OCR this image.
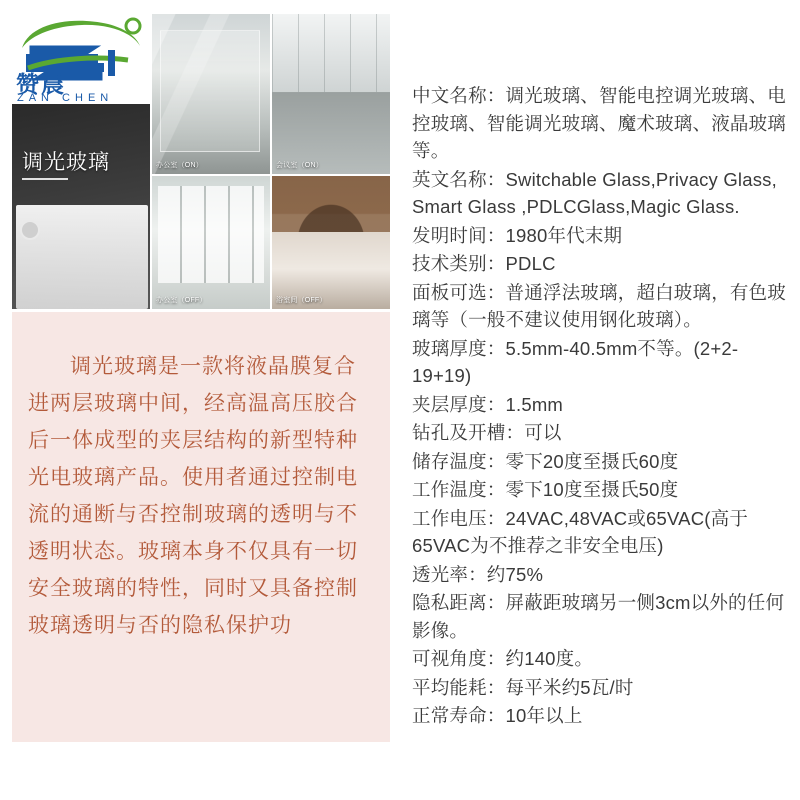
赞晨
ZAN CHEN
调光玻璃	办公室（ON）	会议室（ON）
办公室（OFF）	浴室间（OFF）
调光玻璃是一款将液晶膜复合进两层玻璃中间，经高温高压胶合后一体成型的夹层结构的新型特种光电玻璃产品。使用者通过控制电流的通断与否控制玻璃的透明与不透明状态。玻璃本身不仅具有一切安全玻璃的特性，同时又具备控制玻璃透明与否的隐私保护功

中文名称：调光玻璃、智能电控调光玻璃、电控玻璃、智能调光玻璃、魔术玻璃、液晶玻璃等。

英文名称：Switchable Glass,Privacy Glass, Smart Glass ,PDLCGlass,Magic Glass.

发明时间：1980年代末期

技术类别：PDLC

面板可选：普通浮法玻璃，超白玻璃，有色玻璃等（一般不建议使用钢化玻璃）。

玻璃厚度：5.5mm-40.5mm不等。(2+2-19+19)

夹层厚度：1.5mm

钻孔及开槽：可以

储存温度：零下20度至摄氏60度

工作温度：零下10度至摄氏50度

工作电压：24VAC,48VAC或65VAC(高于65VAC为不推荐之非安全电压)

透光率：约75%

隐私距离：屏蔽距玻璃另一侧3cm以外的任何影像。

可视角度：约140度。

平均能耗：每平米约5瓦/时

正常寿命：10年以上
